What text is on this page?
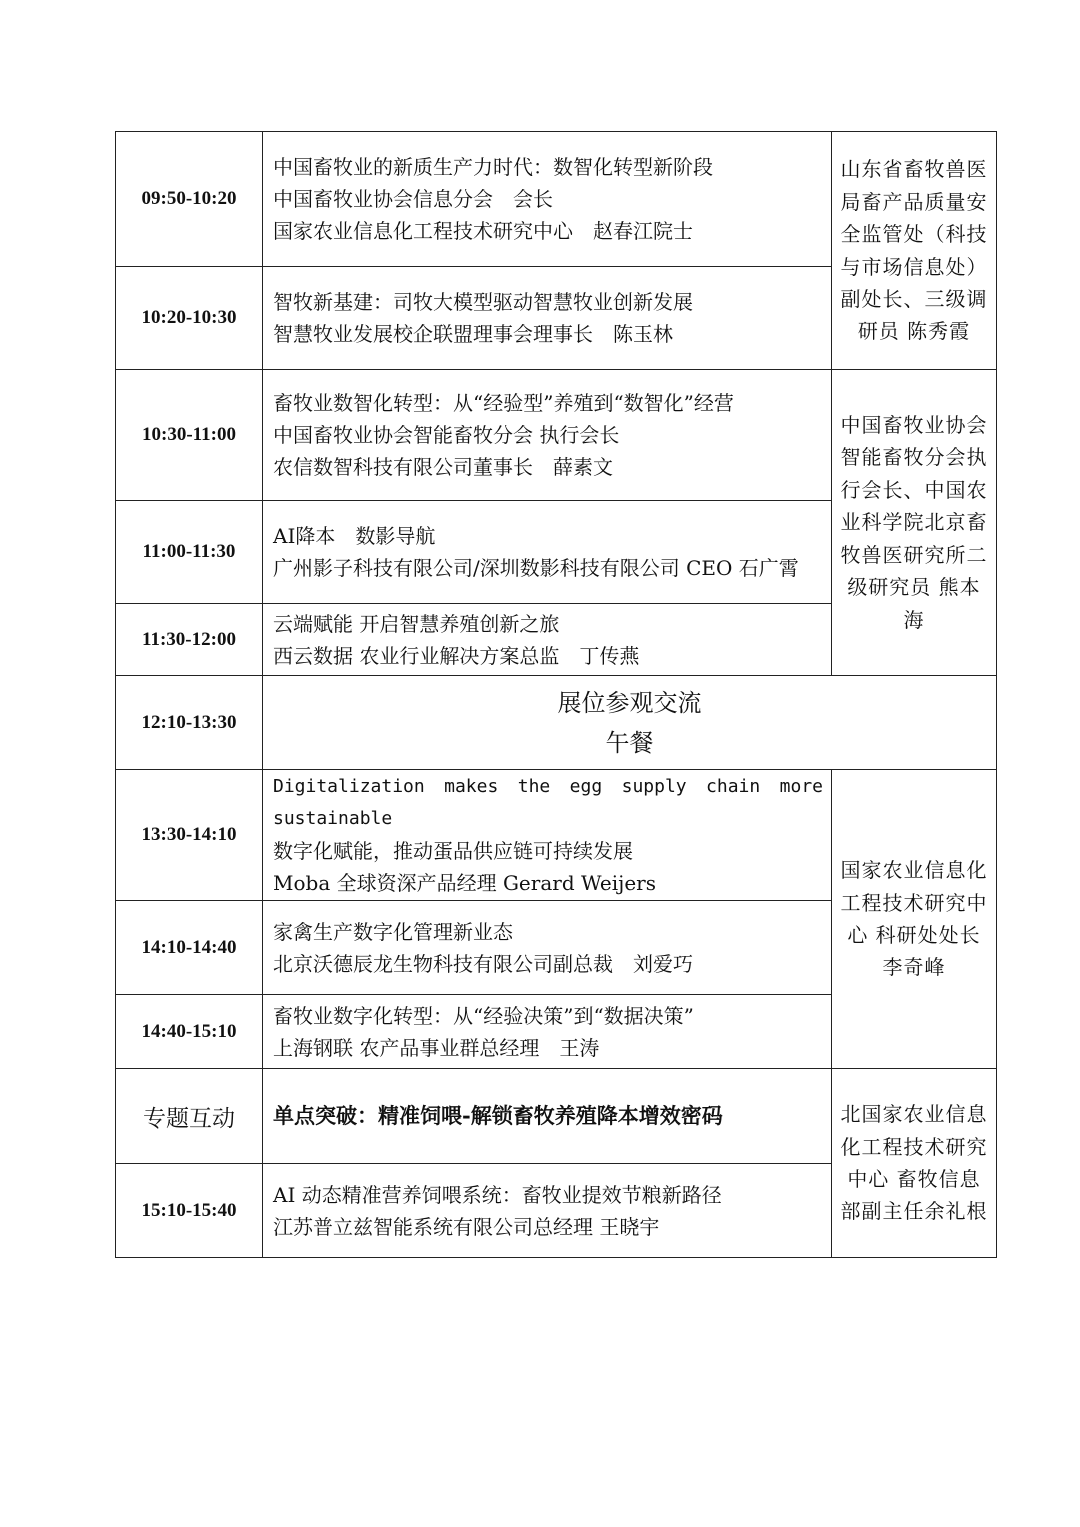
09:50-10:20	中国畜牧业的新质生产力时代：数智化转型新阶段
中国畜牧业协会信息分会　会长
国家农业信息化工程技术研究中心　赵春江院士	山东省畜牧兽医局畜产品质量安全监管处（科技与市场信息处）副处长、三级调研员 陈秀霞
10:20-10:30	智牧新基建：司牧大模型驱动智慧牧业创新发展
智慧牧业发展校企联盟理事会理事长　陈玉林	

10:30-11:00	畜牧业数智化转型：从“经验型”养殖到“数智化”经营
中国畜牧业协会智能畜牧分会 执行会长
农信数智科技有限公司董事长　薛素文	中国畜牧业协会智能畜牧分会执行会长、中国农业科学院北京畜牧兽医研究所二级研究员 熊本海
11:00-11:30	AI降本　数影导航
广州影子科技有限公司/深圳数影科技有限公司 CEO 石广霄	

11:30-12:00	云端赋能 开启智慧养殖创新之旅
西云数据 农业行业解决方案总监　丁传燕	

12:10-13:30	展位参观交流
午餐	

13:30-14:10	Digitalization makes the egg supply chain more sustainable
数字化赋能，推动蛋品供应链可持续发展
Moba 全球资深产品经理 Gerard Weijers	国家农业信息化工程技术研究中心 科研处处长李奇峰
14:10-14:40	家禽生产数字化管理新业态
北京沃德辰龙生物科技有限公司副总裁　刘爱巧	

14:40-15:10	畜牧业数字化转型：从“经验决策”到“数据决策”
上海钢联 农产品事业群总经理　王涛	

专题互动	单点突破：精准饲喂-解锁畜牧养殖降本增效密码	北国家农业信息化工程技术研究中心 畜牧信息部副主任余礼根
15:10-15:40	AI 动态精准营养饲喂系统：畜牧业提效节粮新路径
江苏普立兹智能系统有限公司总经理 王晓宇	
